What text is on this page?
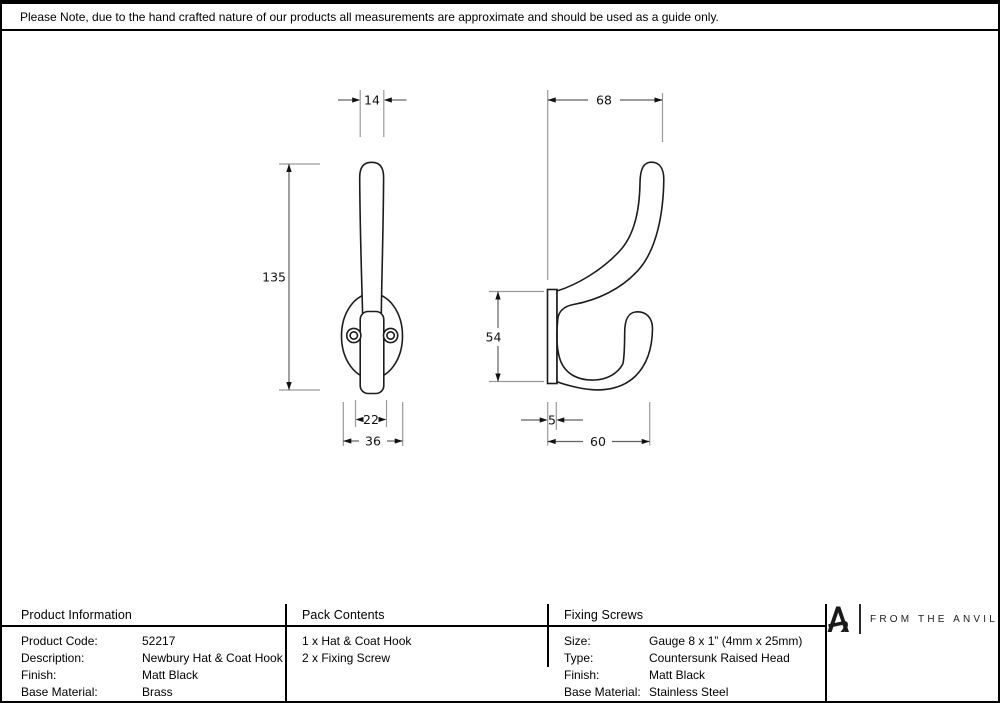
14
135
22
36
68
54
5
60
Please Note, due to the hand crafted nature of our products all measurements are approximate and should be used as a guide only.
Product Information
Product Code:	52217
Description:	Newbury Hat & Coat Hook
Finish:	Matt Black
Base Material:	Brass
Pack Contents
1 x Hat & Coat Hook
2 x Fixing Screw
Fixing Screws
Size:	Gauge 8 x 1” (4mm x 25mm)
Type:	Countersunk Raised Head
Finish:	Matt Black
Base Material: Stainless Steel
FROM THE ANVIL
